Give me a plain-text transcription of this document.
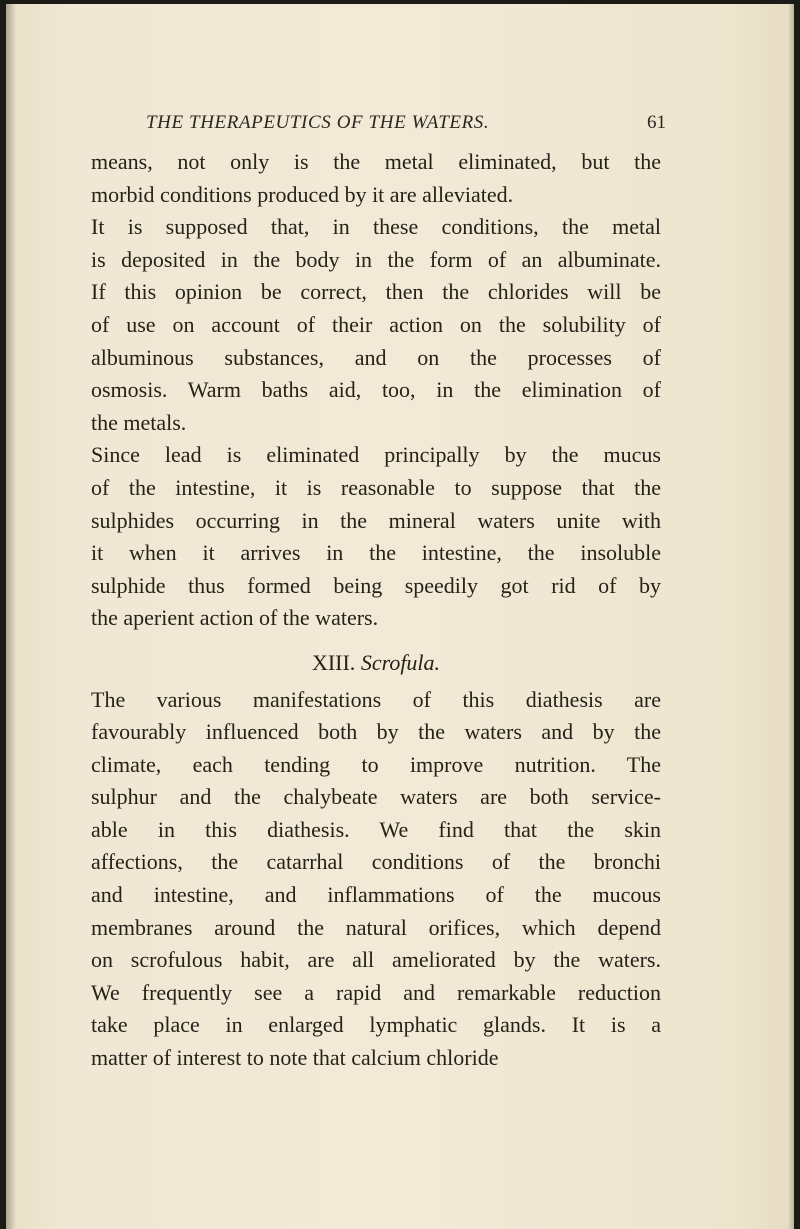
THE THERAPEUTICS OF THE WATERS.	61

means, not only is the metal eliminated, but the
morbid conditions produced by it are alleviated.

It is supposed that, in these conditions, the metal
is deposited in the body in the form of an albuminate.
If this opinion be correct, then the chlorides will be
of use on account of their action on the solubility of
albuminous substances, and on the processes of
osmosis. Warm baths aid, too, in the elimination of
the metals.

Since lead is eliminated principally by the mucus
of the intestine, it is reasonable to suppose that the
sulphides occurring in the mineral waters unite with
it when it arrives in the intestine, the insoluble
sulphide thus formed being speedily got rid of by
the aperient action of the waters.

XIII. Scrofula.

The various manifestations of this diathesis are
favourably influenced both by the waters and by the
climate, each tending to improve nutrition. The
sulphur and the chalybeate waters are both service-
able in this diathesis. We find that the skin
affections, the catarrhal conditions of the bronchi
and intestine, and inflammations of the mucous
membranes around the natural orifices, which depend
on scrofulous habit, are all ameliorated by the waters.
We frequently see a rapid and remarkable reduction
take place in enlarged lymphatic glands. It is a
matter of interest to note that calcium chloride
